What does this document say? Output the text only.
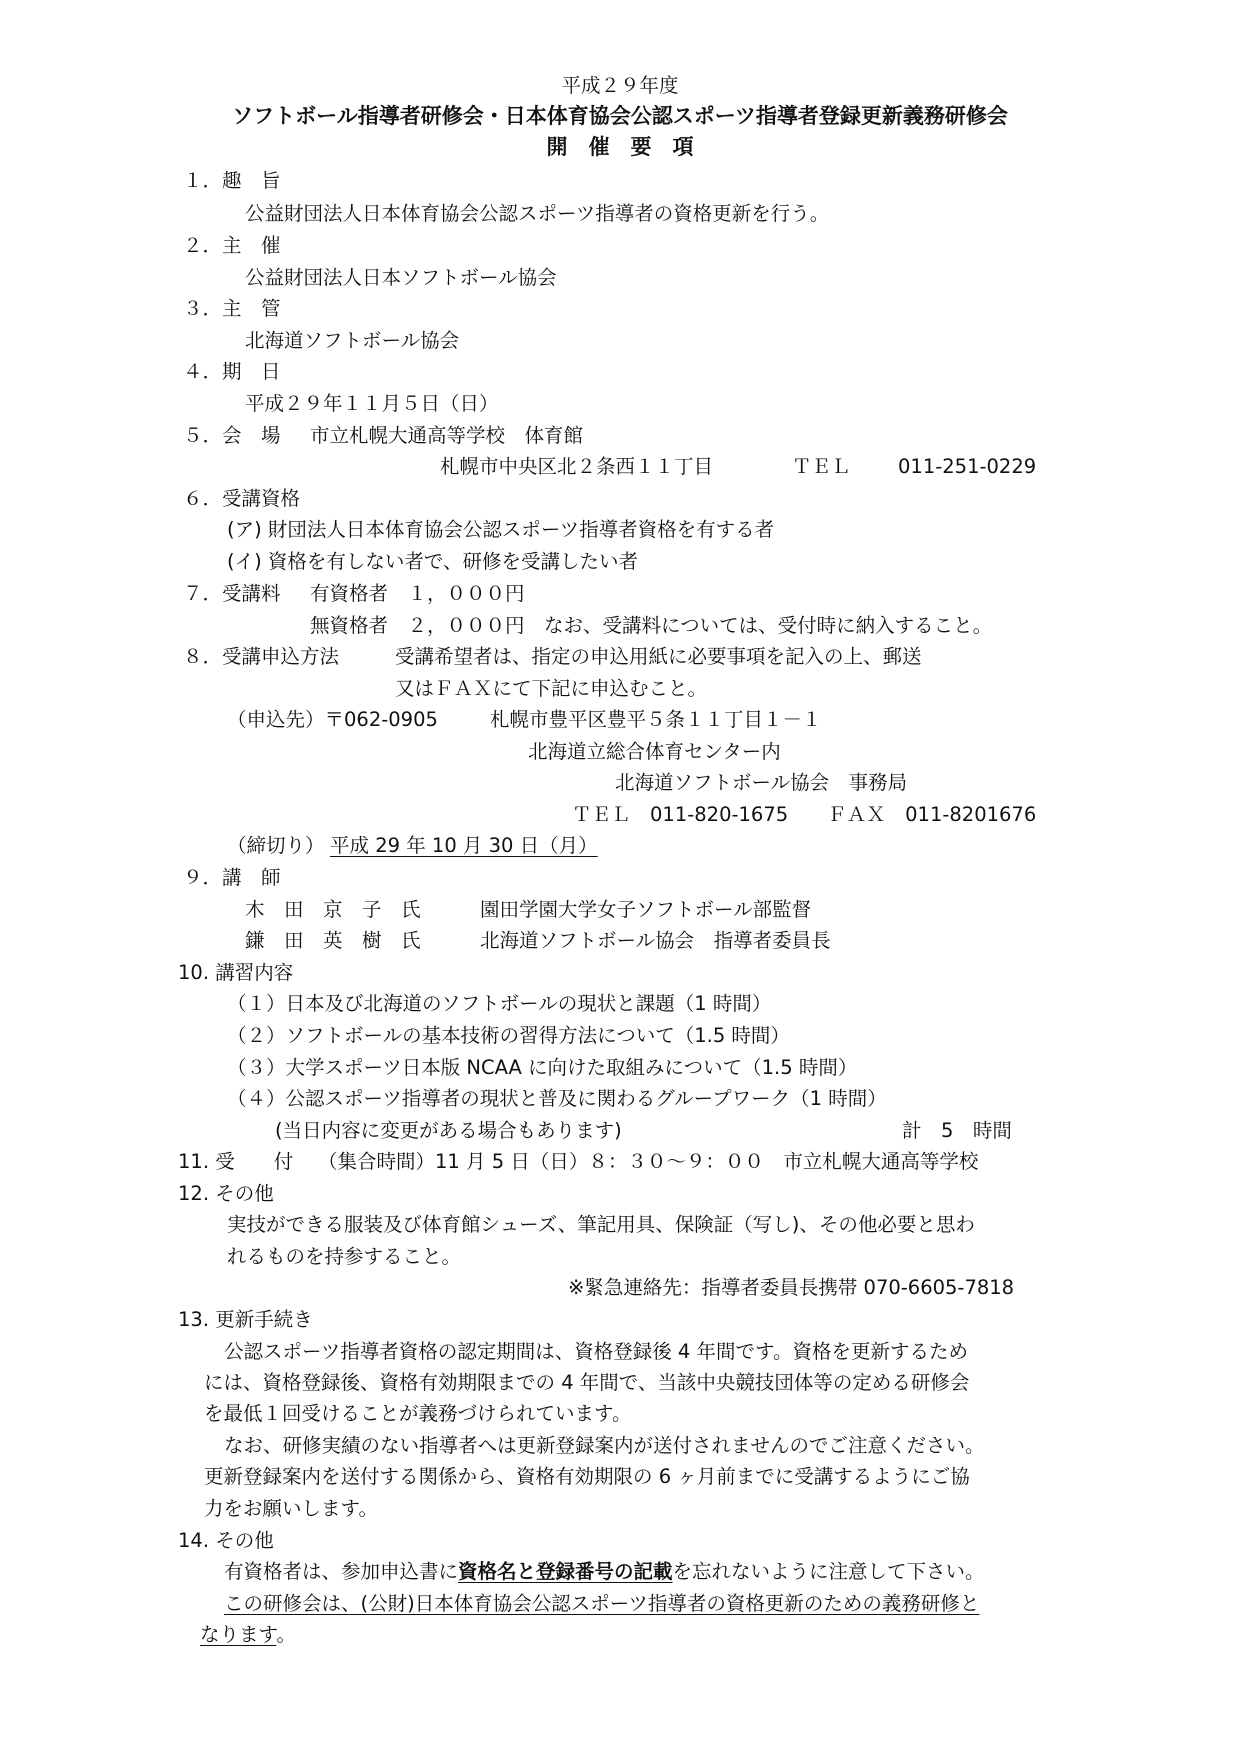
平成２９年度
ソフトボール指導者研修会・日本体育協会公認スポーツ指導者登録更新義務研修会
開　催　要　項
１．趣　旨
公益財団法人日本体育協会公認スポーツ指導者の資格更新を行う。
２．主　催
公益財団法人日本ソフトボール協会
３．主　管
北海道ソフトボール協会
４．期　日
平成２９年１１月５日（日）
５．会　場 市立札幌大通高等学校　体育館
札幌市中央区北２条西１１丁目	ＴＥＬ 011-251-0229
６．受講資格
(ア) 財団法人日本体育協会公認スポーツ指導者資格を有する者
(イ) 資格を有しない者で、研修を受講したい者
７．受講料 有資格者　１，０００円
無資格者　２，０００円　なお、受講料については、受付時に納入すること。
８．受講申込方法	受講希望者は、指定の申込用紙に必要事項を記入の上、郵送
又はＦＡＸにて下記に申込むこと。
（申込先）〒062-0905	札幌市豊平区豊平５条１１丁目１－１
北海道立総合体育センター内
北海道ソフトボール協会　事務局
ＴＥＬ　011-820-1675　　ＦＡＸ　011-8201676
（締切り） 平成 29 年 10 月 30 日（月）
９．講　師
木　田　京　子　氏	園田学園大学女子ソフトボール部監督
鎌　田　英　樹　氏	北海道ソフトボール協会　指導者委員長
10. 講習内容
（１）日本及び北海道のソフトボールの現状と課題（1 時間）
（２）ソフトボールの基本技術の習得方法について（1.5 時間）
（３）大学スポーツ日本版 NCAA に向けた取組みについて（1.5 時間）
（４）公認スポーツ指導者の現状と普及に関わるグループワーク（1 時間）
(当日内容に変更がある場合もあります)	計　5　時間
11. 受　　付 （集合時間）11 月 5 日（日）８：３０～９：００　市立札幌大通高等学校
12. その他
実技ができる服装及び体育館シューズ、筆記用具、保険証（写し)、その他必要と思わ
れるものを持参すること。
※緊急連絡先：指導者委員長携帯 070-6605-7818
13. 更新手続き
公認スポーツ指導者資格の認定期間は、資格登録後 4 年間です。資格を更新するため
には、資格登録後、資格有効期限までの 4 年間で、当該中央競技団体等の定める研修会
を最低１回受けることが義務づけられています。
なお、研修実績のない指導者へは更新登録案内が送付されませんのでご注意ください。
更新登録案内を送付する関係から、資格有効期限の 6 ヶ月前までに受講するようにご協
力をお願いします。
14. その他
有資格者は、参加申込書に資格名と登録番号の記載を忘れないように注意して下さい。
この研修会は、(公財)日本体育協会公認スポーツ指導者の資格更新のための義務研修と
なります。
